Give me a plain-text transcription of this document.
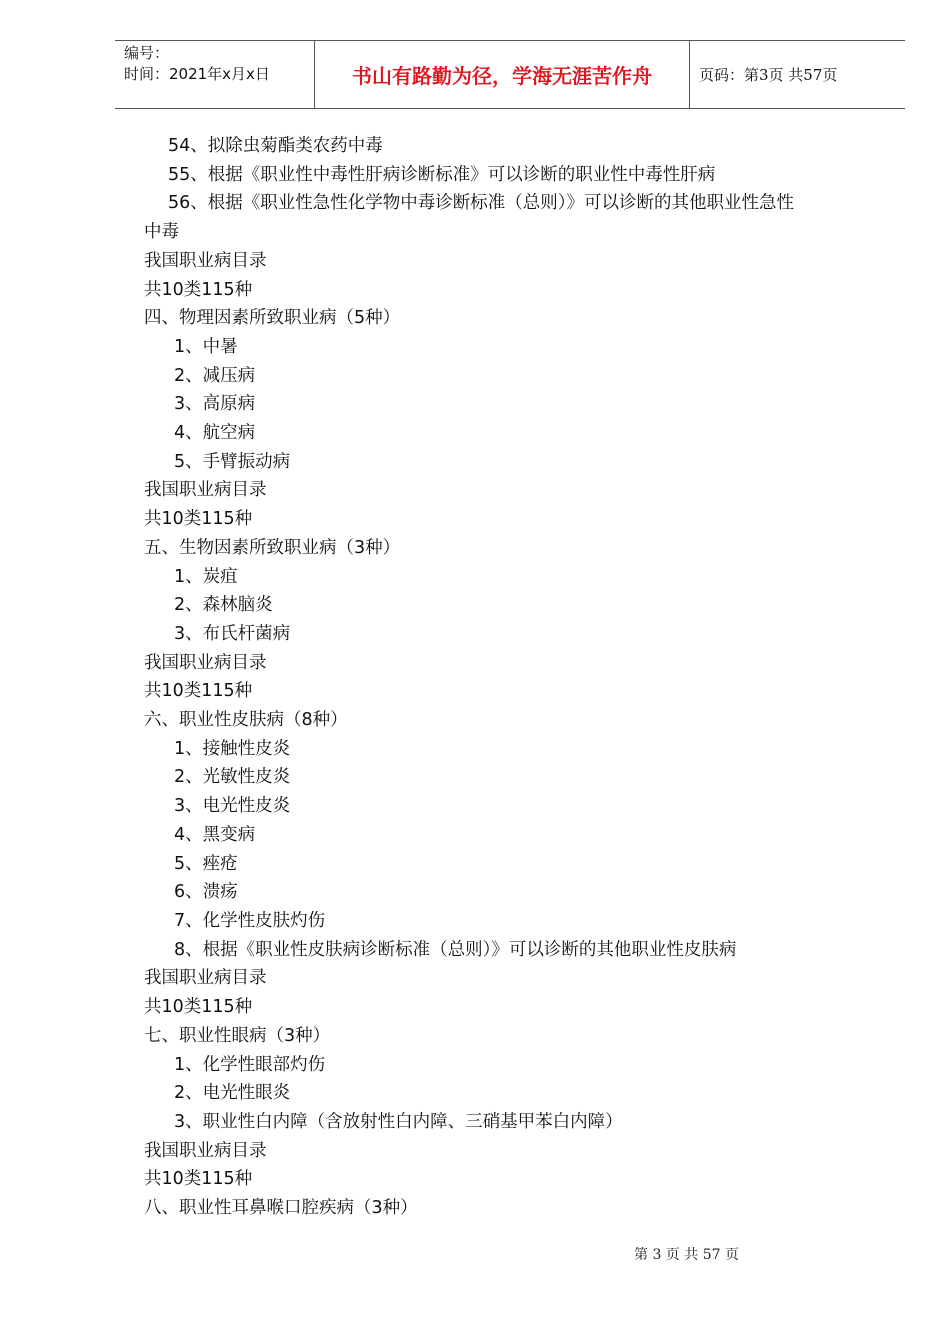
编号：
时间：2021年x月x日	书山有路勤为径，学海无涯苦作舟	页码：第3页 共57页
54、拟除虫菊酯类农药中毒
55、根据《职业性中毒性肝病诊断标准》可以诊断的职业性中毒性肝病
56、根据《职业性急性化学物中毒诊断标准（总则）》可以诊断的其他职业性急性
中毒
我国职业病目录
共10类115种
四、物理因素所致职业病（5种）
1、中暑
2、减压病
3、高原病
4、航空病
5、手臂振动病
我国职业病目录
共10类115种
五、生物因素所致职业病（3种）
1、炭疽
2、森林脑炎
3、布氏杆菌病
我国职业病目录
共10类115种
六、职业性皮肤病（8种）
1、接触性皮炎
2、光敏性皮炎
3、电光性皮炎
4、黑变病
5、痤疮
6、溃疡
7、化学性皮肤灼伤
8、根据《职业性皮肤病诊断标准（总则）》可以诊断的其他职业性皮肤病
我国职业病目录
共10类115种
七、职业性眼病（3种）
1、化学性眼部灼伤
2、电光性眼炎
3、职业性白内障（含放射性白内障、三硝基甲苯白内障）
我国职业病目录
共10类115种
八、职业性耳鼻喉口腔疾病（3种）
第 3 页 共 57 页
